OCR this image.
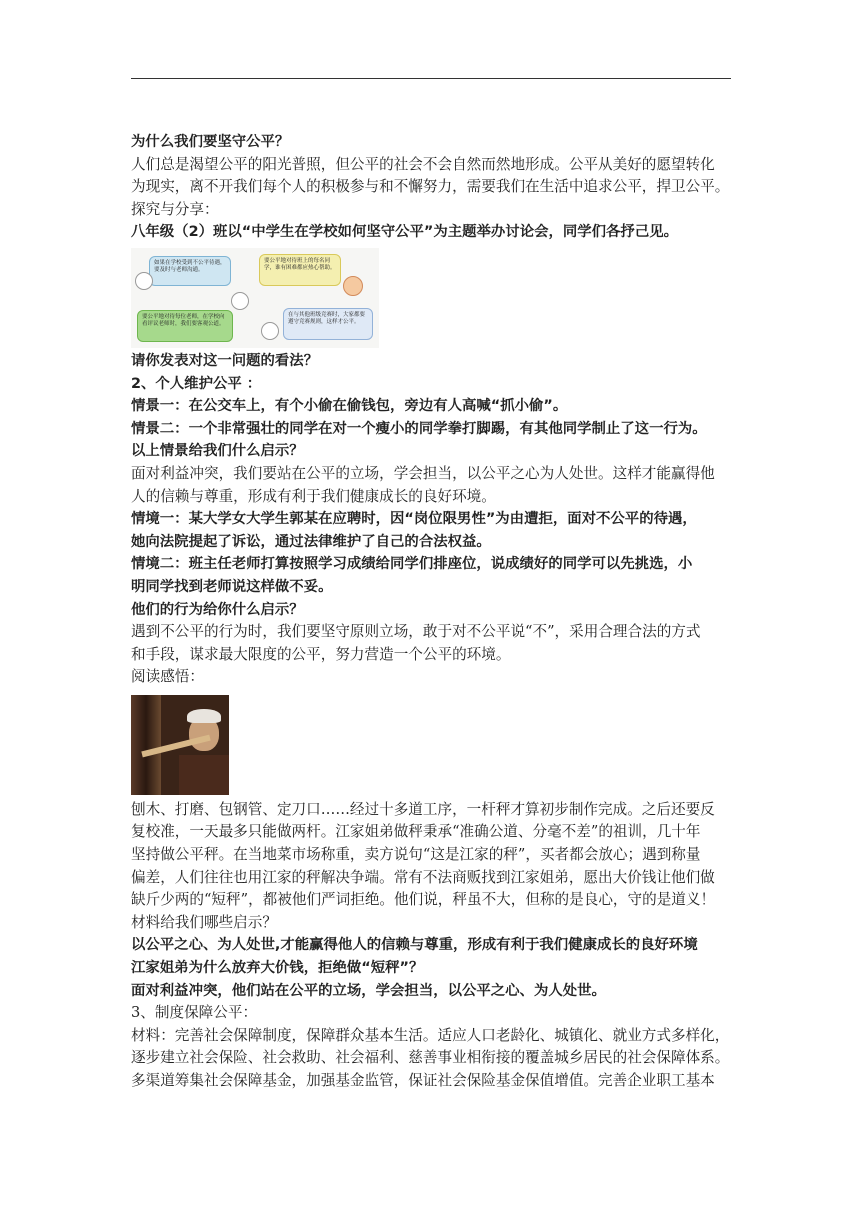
为什么我们要坚守公平？
人们总是渴望公平的阳光普照，但公平的社会不会自然而然地形成。公平从美好的愿望转化
为现实，离不开我们每个人的积极参与和不懈努力，需要我们在生活中追求公平，捍卫公平。
探究与分享：
八年级（2）班以“中学生在学校如何坚守公平”为主题举办讨论会，同学们各抒己见。
如果在学校受到不公平待遇，要及时与老师沟通。
要公平地对待班上的每名同学，谁有困难都应热心帮助。
要公平地对待每位老师，在学校向看评议老师时，我们要客观公道。
在与其他班级竞赛时，大家都要遵守竞赛规则，这样才公平。
请你发表对这一问题的看法？
2、个人维护公平 ：
情景一：在公交车上，有个小偷在偷钱包，旁边有人高喊“抓小偷”。
情景二：一个非常强壮的同学在对一个瘦小的同学拳打脚踢，有其他同学制止了这一行为。
以上情景给我们什么启示？
面对利益冲突，我们要站在公平的立场，学会担当，以公平之心为人处世。这样才能赢得他
人的信赖与尊重，形成有利于我们健康成长的良好环境。
情境一：某大学女大学生郭某在应聘时，因“岗位限男性”为由遭拒，面对不公平的待遇，
她向法院提起了诉讼，通过法律维护了自己的合法权益。
情境二：班主任老师打算按照学习成绩给同学们排座位，说成绩好的同学可以先挑选，小
明同学找到老师说这样做不妥。
他们的行为给你什么启示？
遇到不公平的行为时，我们要坚守原则立场，敢于对不公平说“不”，采用合理合法的方式
和手段，谋求最大限度的公平，努力营造一个公平的环境。
阅读感悟：
刨木、打磨、包钢管、定刀口……经过十多道工序，一杆秤才算初步制作完成。之后还要反
复校准，一天最多只能做两杆。江家姐弟做秤秉承“准确公道、分毫不差”的祖训，几十年
坚持做公平秤。在当地菜市场称重，卖方说句“这是江家的秤”，买者都会放心；遇到称量
偏差，人们往往也用江家的秤解决争端。常有不法商贩找到江家姐弟，愿出大价钱让他们做
缺斤少两的“短秤”，都被他们严词拒绝。他们说，秤虽不大，但称的是良心，守的是道义！
材料给我们哪些启示？
以公平之心、为人处世,才能赢得他人的信赖与尊重，形成有利于我们健康成长的良好环境
江家姐弟为什么放弃大价钱，拒绝做“短秤”？
面对利益冲突，他们站在公平的立场，学会担当，以公平之心、为人处世。
3、制度保障公平：
材料：完善社会保障制度，保障群众基本生活。适应人口老龄化、城镇化、就业方式多样化，
逐步建立社会保险、社会救助、社会福利、慈善事业相衔接的覆盖城乡居民的社会保障体系。
多渠道筹集社会保障基金，加强基金监管，保证社会保险基金保值增值。完善企业职工基本
